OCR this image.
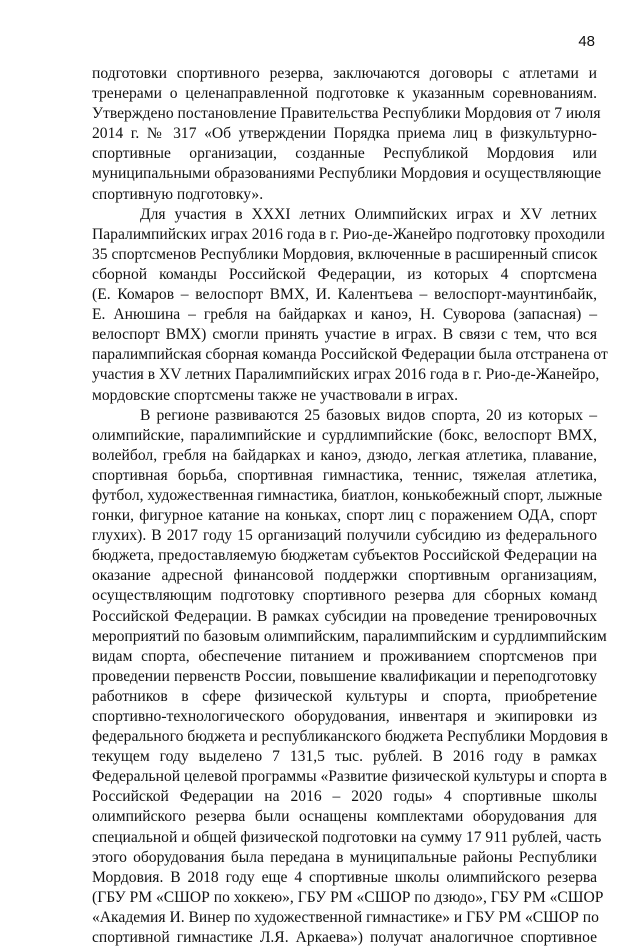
48
подготовки спортивного резерва, заключаются договоры с атлетами и
тренерами о целенаправленной подготовке к указанным соревнованиям.
Утверждено постановление Правительства Республики Мордовия от 7 июля
2014 г. № 317 «Об утверждении Порядка приема лиц в физкультурно-
спортивные организации, созданные Республикой Мордовия или
муниципальными образованиями Республики Мордовия и осуществляющие
спортивную подготовку».
Для участия в XXXI летних Олимпийских играх и XV летних
Паралимпийских играх 2016 года в г. Рио-де-Жанейро подготовку проходили
35 спортсменов Республики Мордовия, включенные в расширенный список
сборной команды Российской Федерации, из которых 4 спортсмена
(Е. Комаров – велоспорт ВМХ, И. Калентьева – велоспорт-маунтинбайк,
Е. Анюшина – гребля на байдарках и каноэ, Н. Суворова (запасная) –
велоспорт ВМХ) смогли принять участие в играх. В связи с тем, что вся
паралимпийская сборная команда Российской Федерации была отстранена от
участия в XV летних Паралимпийских играх 2016 года в г. Рио-де-Жанейро,
мордовские спортсмены также не участвовали в играх.
В регионе развиваются 25 базовых видов спорта, 20 из которых –
олимпийские, паралимпийские и сурдлимпийские (бокс, велоспорт ВМХ,
волейбол, гребля на байдарках и каноэ, дзюдо, легкая атлетика, плавание,
спортивная борьба, спортивная гимнастика, теннис, тяжелая атлетика,
футбол, художественная гимнастика, биатлон, конькобежный спорт, лыжные
гонки, фигурное катание на коньках, спорт лиц с поражением ОДА, спорт
глухих). В 2017 году 15 организаций получили субсидию из федерального
бюджета, предоставляемую бюджетам субъектов Российской Федерации на
оказание адресной финансовой поддержки спортивным организациям,
осуществляющим подготовку спортивного резерва для сборных команд
Российской Федерации. В рамках субсидии на проведение тренировочных
мероприятий по базовым олимпийским, паралимпийским и сурдлимпийским
видам спорта, обеспечение питанием и проживанием спортсменов при
проведении первенств России, повышение квалификации и переподготовку
работников в сфере физической культуры и спорта, приобретение
спортивно-технологического оборудования, инвентаря и экипировки из
федерального бюджета и республиканского бюджета Республики Мордовия в
текущем году выделено 7 131,5 тыс. рублей. В 2016 году в рамках
Федеральной целевой программы «Развитие физической культуры и спорта в
Российской Федерации на 2016 – 2020 годы» 4 спортивные школы
олимпийского резерва были оснащены комплектами оборудования для
специальной и общей физической подготовки на сумму 17 911 рублей, часть
этого оборудования была передана в муниципальные районы Республики
Мордовия. В 2018 году еще 4 спортивные школы олимпийского резерва
(ГБУ РМ «СШОР по хоккею», ГБУ РМ «СШОР по дзюдо», ГБУ РМ «СШОР
«Академия И. Винер по художественной гимнастике» и ГБУ РМ «СШОР по
спортивной гимнастике Л.Я. Аркаева») получат аналогичное спортивное
